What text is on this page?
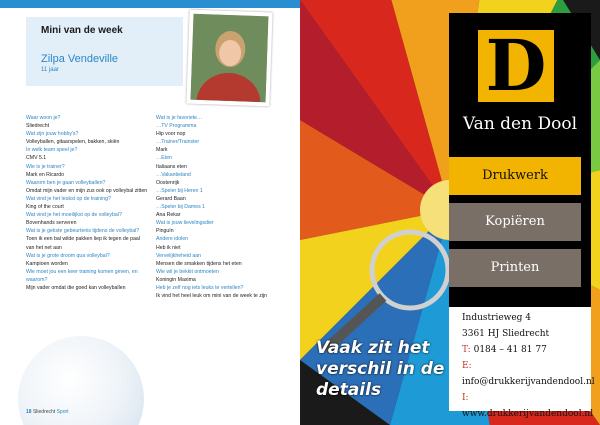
Mini van de week
Zilpa Vendeville
11 jaar
Waar woon je?
Sliedrecht
Wat zijn jouw hobby's?
Volleyballen, gitaarspelen, bakken, skiën
In welk team speel je?
CMV 5.1
Wie is je trainer?
Mark en Ricardo
Waarom ben je gaan volleyballen?
Omdat mijn vader en mijn zus ook op volleybal zitten
Wat vind je het leukst op de training?
King of the court
Wat vind je het moeilijkst op de volleybal?
Bovenhands serveren
Wat is je gekste gebeurtenis tijdens de volleybal?
Toen ik een bal wilde pakken liep ik tegen de paal van het net aan
Wat is je grote droom qua volleybal?
Kampioen worden
Wie moet jou een keer training komen geven, en waarom?
Mijn vader omdat die goed kan volleyballen
Wat is je favoriete…
…TV Programma
Hip voor nop
…Trainer/Trainster
Mark
…Eten
Italiaans eten
…Vakantieland
Oostenrijk
…Speler bij Heren 1
Gerard Baan
…Speler bij Dames 1
Ana Rekar
Wat is jouw lievelingsdier
Pinguïn
Andere idolen
Heb ik niet
Vervelijkheheid aan
Mensen die smakken tijdens het eten
Wie wil je bekkit ontmoeten
Koningin Maxima
Heb je zelf nog iets leuks te vertellen?
Ik vind het heel leuk om mini van de week te zijn
18 Sliedrecht Sport
D
Van den Dool
Drukwerk
Kopiëren
Printen
Industrieweg 4
3361 HJ Sliedrecht
T: 0184 – 41 81 77
E: info@drukkerijvandendool.nl
I: www.drukkerijvandendool.nl
Vaak zit het verschil in de details
